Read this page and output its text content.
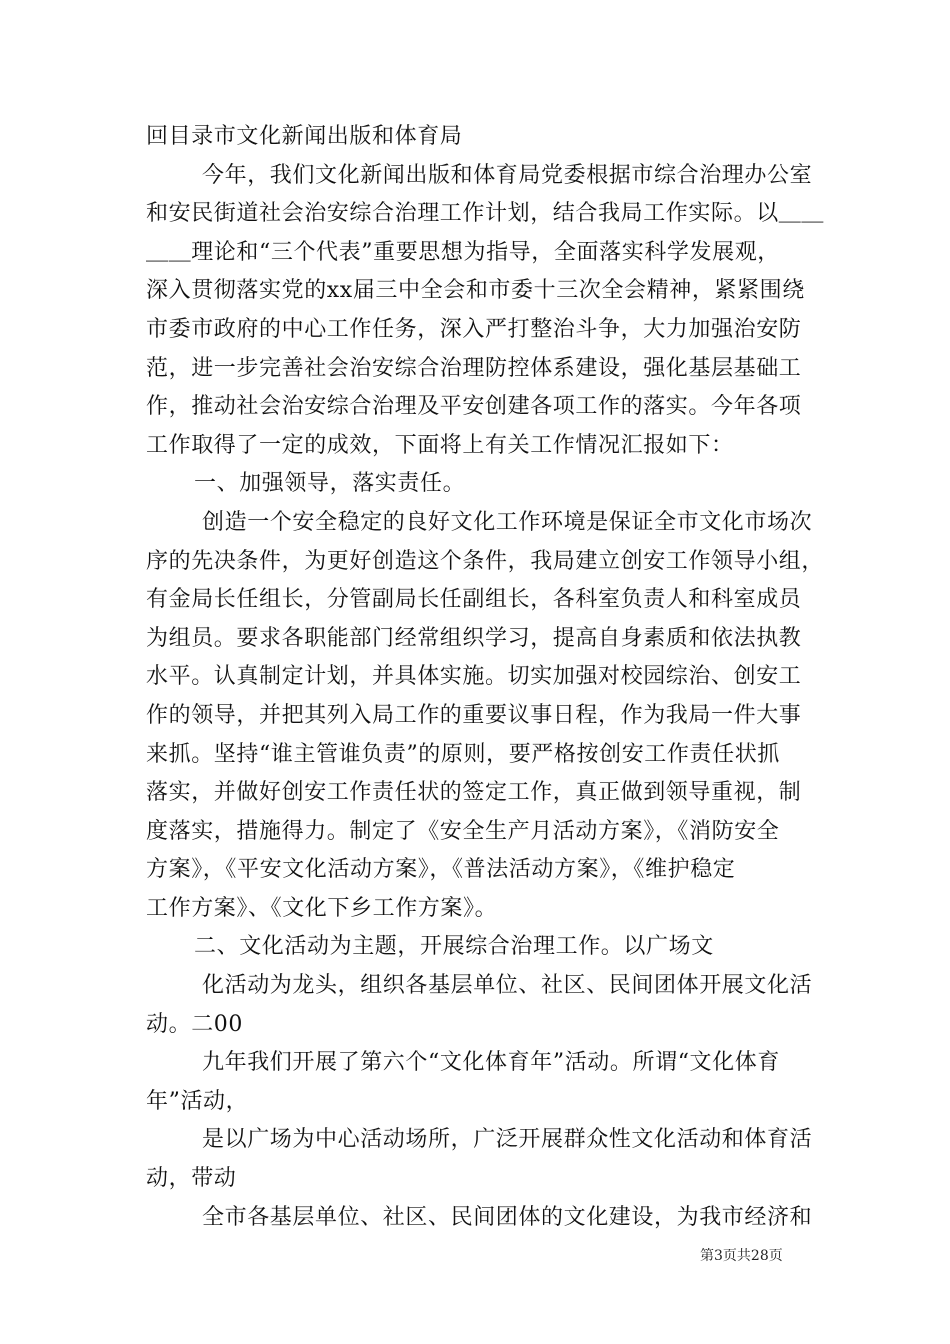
回目录市文化新闻出版和体育局
今年，我们文化新闻出版和体育局党委根据市综合治理办公室
和安民街道社会治安综合治理工作计划，结合我局工作实际。以＿＿
＿＿理论和“三个代表”重要思想为指导，全面落实科学发展观，
深入贯彻落实党的xx届三中全会和市委十三次全会精神，紧紧围绕
市委市政府的中心工作任务，深入严打整治斗争，大力加强治安防
范，进一步完善社会治安综合治理防控体系建设，强化基层基础工
作，推动社会治安综合治理及平安创建各项工作的落实。今年各项
工作取得了一定的成效，下面将上有关工作情况汇报如下：
一、加强领导，落实责任。
创造一个安全稳定的良好文化工作环境是保证全市文化市场次
序的先决条件，为更好创造这个条件，我局建立创安工作领导小组，
有金局长任组长，分管副局长任副组长，各科室负责人和科室成员
为组员。要求各职能部门经常组织学习，提高自身素质和依法执教
水平。认真制定计划，并具体实施。切实加强对校园综治、创安工
作的领导，并把其列入局工作的重要议事日程，作为我局一件大事
来抓。坚持“谁主管谁负责”的原则，要严格按创安工作责任状抓
落实，并做好创安工作责任状的签定工作，真正做到领导重视，制
度落实，措施得力。制定了《安全生产月活动方案》，《消防安全
方案》，《平安文化活动方案》，《普法活动方案》，《维护稳定
工作方案》、《文化下乡工作方案》。
二、文化活动为主题，开展综合治理工作。以广场文
化活动为龙头，组织各基层单位、社区、民间团体开展文化活
动。二00
九年我们开展了第六个“文化体育年”活动。所谓“文化体育
年”活动，
是以广场为中心活动场所，广泛开展群众性文化活动和体育活
动，带动
全市各基层单位、社区、民间团体的文化建设，为我市经济和
第3页共28页
